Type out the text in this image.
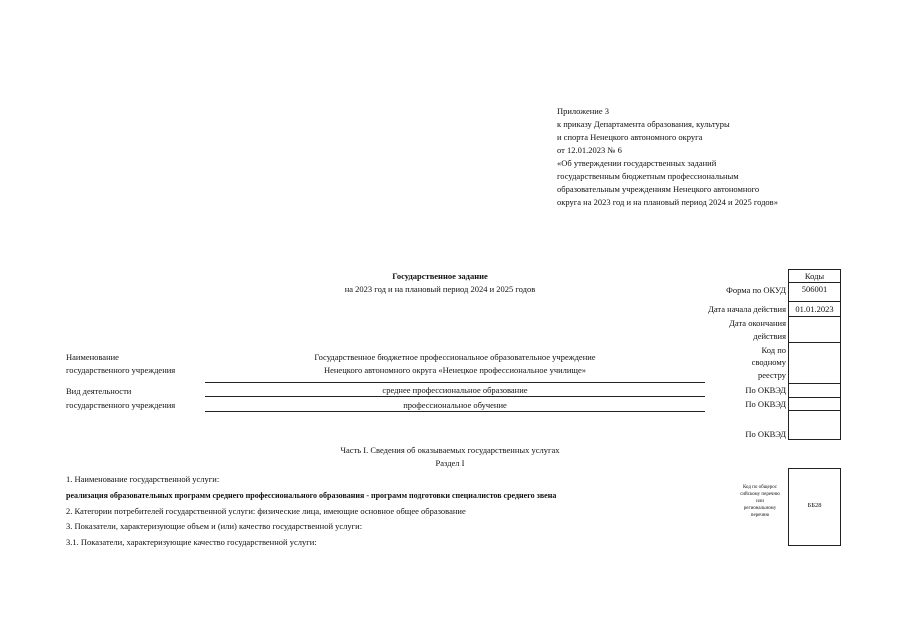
Приложение 3
к приказу Департамента образования, культуры
и спорта Ненецкого автономного округа
от 12.01.2023 № 6
«Об утверждении государственных заданий
государственным бюджетным профессиональным
образовательным учреждениям Ненецкого автономного
округа на 2023 год и на плановый период 2024 и 2025 годов»
Государственное задание
на 2023 год и на плановый период 2024 и 2025 годов
Коды
506001
01.01.2023
Форма по ОКУД
Дата начала действия
Дата окончания
действия
Код по
сводному
реестру
По ОКВЭД
По ОКВЭД
По ОКВЭД
Наименование
государственного учреждения
Государственное бюджетное профессиональное образовательное учреждение
Ненецкого автономного округа «Ненецкое профессиональное училище»
Вид деятельности
государственного учреждения
среднее профессиональное образование
профессиональное обучение
Часть I. Сведения об оказываемых государственных услугах
Раздел I
1. Наименование государственной услуги:
реализация образовательных программ среднего профессионального образования - программ подготовки специалистов среднего звена
2. Категории потребителей государственной услуги: физические лица, имеющие основное общее образование
3. Показатели, характеризующие объем и (или) качество государственной услуги:
3.1. Показатели, характеризующие качество государственной услуги:
Код по общерос
сийскому перечню
или
региональному
перечню
ББ28
